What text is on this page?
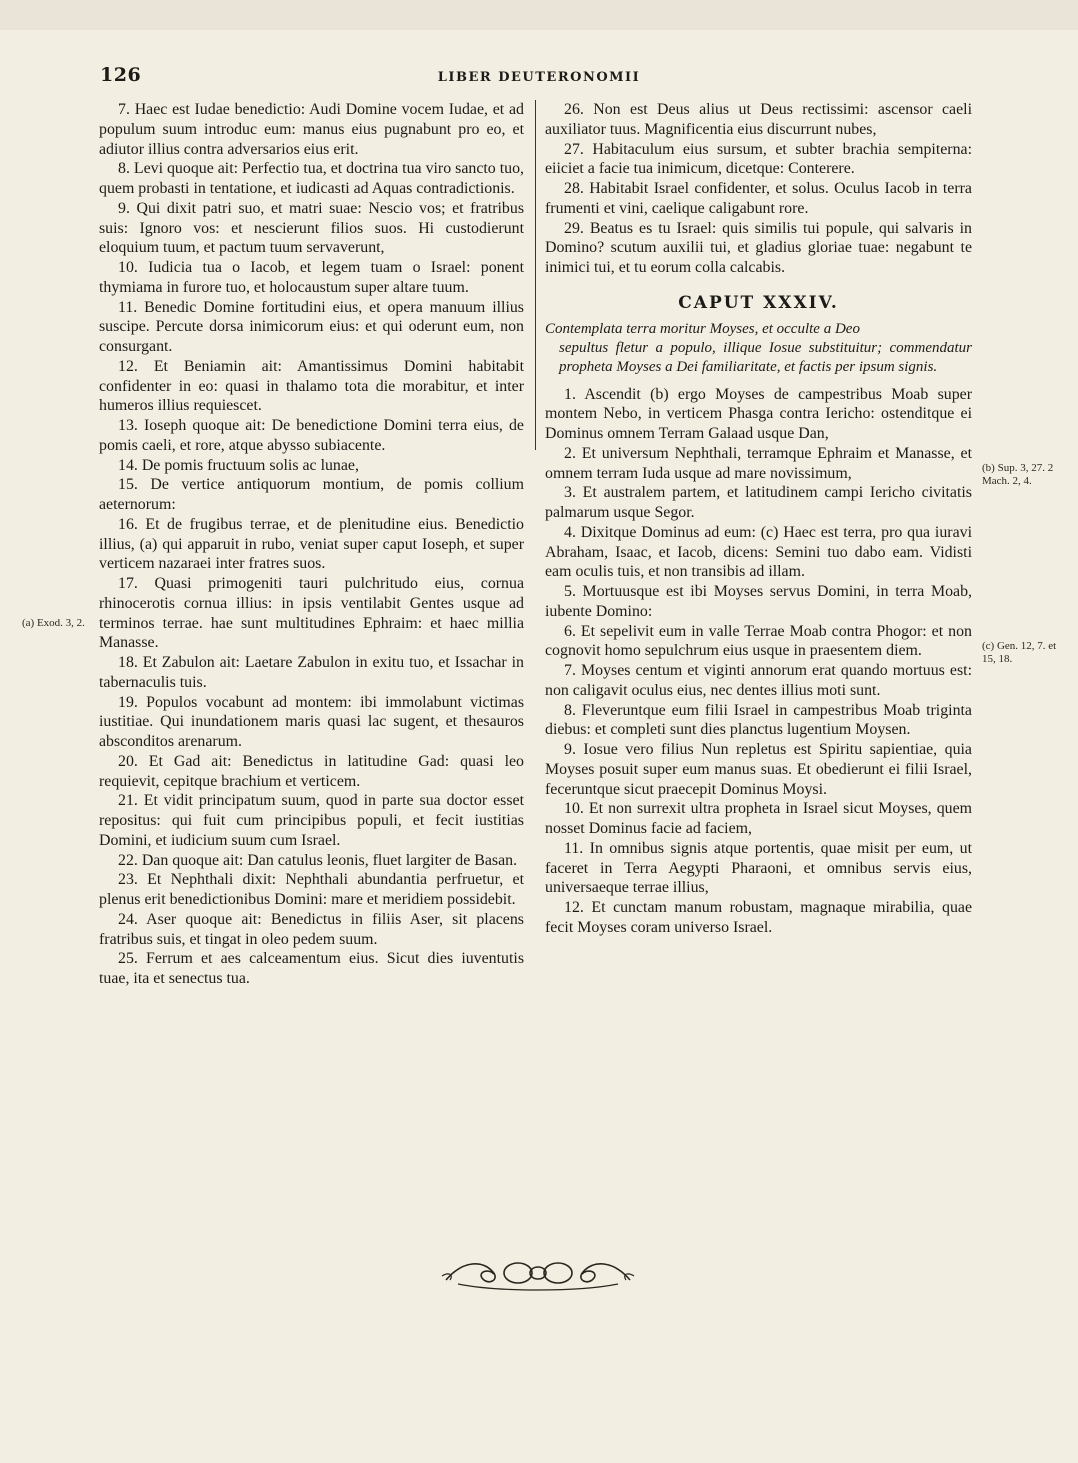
126	LIBER DEUTERONOMII

7. Haec est Iudae benedictio: Audi Domine vocem Iudae, et ad populum suum introduc eum: manus eius pugnabunt pro eo, et adiutor illius contra adversarios eius erit.

8. Levi quoque ait: Perfectio tua, et doctrina tua viro sancto tuo, quem probasti in tentatione, et iudicasti ad Aquas contradictionis.

9. Qui dixit patri suo, et matri suae: Nescio vos; et fratribus suis: Ignoro vos: et nescierunt filios suos. Hi custodierunt eloquium tuum, et pactum tuum servaverunt,

10. Iudicia tua o Iacob, et legem tuam o Israel: ponent thymiama in furore tuo, et holocaustum super altare tuum.

11. Benedic Domine fortitudini eius, et opera manuum illius suscipe. Percute dorsa inimicorum eius: et qui oderunt eum, non consurgant.

12. Et Beniamin ait: Amantissimus Domini habitabit confidenter in eo: quasi in thalamo tota die morabitur, et inter humeros illius requiescet.

13. Ioseph quoque ait: De benedictione Domini terra eius, de pomis caeli, et rore, atque abysso subiacente.

14. De pomis fructuum solis ac lunae,

15. De vertice antiquorum montium, de pomis collium aeternorum:

16. Et de frugibus terrae, et de plenitudine eius. Benedictio illius, (a) qui apparuit in rubo, veniat super caput Ioseph, et super verticem nazaraei inter fratres suos.

17. Quasi primogeniti tauri pulchritudo eius, cornua rhinocerotis cornua illius: in ipsis ventilabit Gentes usque ad terminos terrae. hae sunt multitudines Ephraim: et haec millia Manasse.

18. Et Zabulon ait: Laetare Zabulon in exitu tuo, et Issachar in tabernaculis tuis.

19. Populos vocabunt ad montem: ibi immolabunt victimas iustitiae. Qui inundationem maris quasi lac sugent, et thesauros absconditos arenarum.

20. Et Gad ait: Benedictus in latitudine Gad: quasi leo requievit, cepitque brachium et verticem.

21. Et vidit principatum suum, quod in parte sua doctor esset repositus: qui fuit cum principibus populi, et fecit iustitias Domini, et iudicium suum cum Israel.

22. Dan quoque ait: Dan catulus leonis, fluet largiter de Basan.

23. Et Nephthali dixit: Nephthali abundantia perfruetur, et plenus erit benedictionibus Domini: mare et meridiem possidebit.

24. Aser quoque ait: Benedictus in filiis Aser, sit placens fratribus suis, et tingat in oleo pedem suum.

25. Ferrum et aes calceamentum eius. Sicut dies iuventutis tuae, ita et senectus tua.

26. Non est Deus alius ut Deus rectissimi: ascensor caeli auxiliator tuus. Magnificentia eius discurrunt nubes,

27. Habitaculum eius sursum, et subter brachia sempiterna: eiiciet a facie tua inimicum, dicetque: Conterere.

28. Habitabit Israel confidenter, et solus. Oculus Iacob in terra frumenti et vini, caelique caligabunt rore.

29. Beatus es tu Israel: quis similis tui popule, qui salvaris in Domino? scutum auxilii tui, et gladius gloriae tuae: negabunt te inimici tui, et tu eorum colla calcabis.

CAPUT XXXIV.
Contemplata terra moritur Moyses, et occulte a Deo
sepultus fletur a populo, illique Iosue substituitur; commendatur propheta Moyses a Dei familiaritate, et factis per ipsum signis.

1. Ascendit (b) ergo Moyses de campestribus Moab super montem Nebo, in verticem Phasga contra Iericho: ostenditque ei Dominus omnem Terram Galaad usque Dan,

2. Et universum Nephthali, terramque Ephraim et Manasse, et omnem terram Iuda usque ad mare novissimum,

3. Et australem partem, et latitudinem campi Iericho civitatis palmarum usque Segor.

4. Dixitque Dominus ad eum: (c) Haec est terra, pro qua iuravi Abraham, Isaac, et Iacob, dicens: Semini tuo dabo eam. Vidisti eam oculis tuis, et non transibis ad illam.

5. Mortuusque est ibi Moyses servus Domini, in terra Moab, iubente Domino:

6. Et sepelivit eum in valle Terrae Moab contra Phogor: et non cognovit homo sepulchrum eius usque in praesentem diem.

7. Moyses centum et viginti annorum erat quando mortuus est: non caligavit oculus eius, nec dentes illius moti sunt.

8. Fleveruntque eum filii Israel in campestribus Moab triginta diebus: et completi sunt dies planctus lugentium Moysen.

9. Iosue vero filius Nun repletus est Spiritu sapientiae, quia Moyses posuit super eum manus suas. Et obedierunt ei filii Israel, feceruntque sicut praecepit Dominus Moysi.

10. Et non surrexit ultra propheta in Israel sicut Moyses, quem nosset Dominus facie ad faciem,

11. In omnibus signis atque portentis, quae misit per eum, ut faceret in Terra Aegypti Pharaoni, et omnibus servis eius, universaeque terrae illius,

12. Et cunctam manum robustam, magnaque mirabilia, quae fecit Moyses coram universo Israel.

(a) Exod. 3, 2.
(b) Sup. 3, 27. 2 Mach. 2, 4.
(c) Gen. 12, 7. et 15, 18.
